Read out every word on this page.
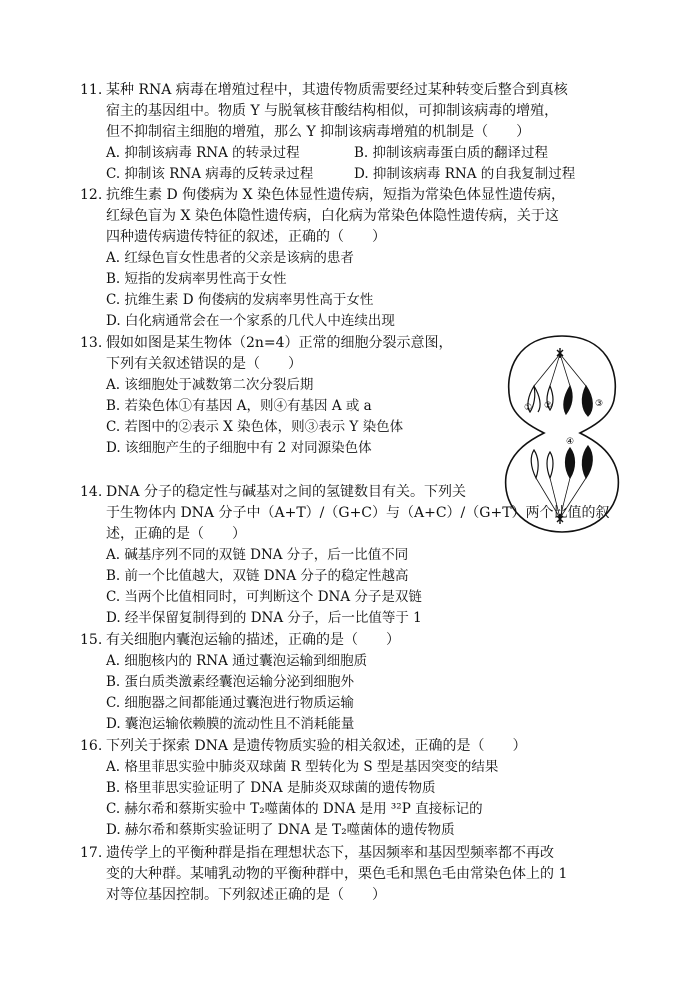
11. 某种 RNA 病毒在增殖过程中，其遗传物质需要经过某种转变后整合到真核
宿主的基因组中。物质 Y 与脱氧核苷酸结构相似，可抑制该病毒的增殖，
但不抑制宿主细胞的增殖，那么 Y 抑制该病毒增殖的机制是（　　）
A. 抑制该病毒 RNA 的转录过程	B. 抑制该病毒蛋白质的翻译过程
C. 抑制该 RNA 病毒的反转录过程	D. 抑制该病毒 RNA 的自我复制过程
12. 抗维生素 D 佝偻病为 X 染色体显性遗传病，短指为常染色体显性遗传病，
红绿色盲为 X 染色体隐性遗传病，白化病为常染色体隐性遗传病，关于这
四种遗传病遗传特征的叙述，正确的（　　）
A. 红绿色盲女性患者的父亲是该病的患者
B. 短指的发病率男性高于女性
C. 抗维生素 D 佝偻病的发病率男性高于女性
D. 白化病通常会在一个家系的几代人中连续出现
13. 假如如图是某生物体（2n=4）正常的细胞分裂示意图，
下列有关叙述错误的是（　　）
A. 该细胞处于减数第二次分裂后期
B. 若染色体①有基因 A，则④有基因 A 或 a
C. 若图中的②表示 X 染色体，则③表示 Y 染色体
D. 该细胞产生的子细胞中有 2 对同源染色体
① ②	③
④
14. DNA 分子的稳定性与碱基对之间的氢键数目有关。下列关
于生物体内 DNA 分子中（A+T）/（G+C）与（A+C）/（G+T）两个比值的叙
述，正确的是（　　）
A. 碱基序列不同的双链 DNA 分子，后一比值不同
B. 前一个比值越大，双链 DNA 分子的稳定性越高
C. 当两个比值相同时，可判断这个 DNA 分子是双链
D. 经半保留复制得到的 DNA 分子，后一比值等于 1
15. 有关细胞内囊泡运输的描述，正确的是（　　）
A. 细胞核内的 RNA 通过囊泡运输到细胞质
B. 蛋白质类激素经囊泡运输分泌到细胞外
C. 细胞器之间都能通过囊泡进行物质运输
D. 囊泡运输依赖膜的流动性且不消耗能量
16. 下列关于探索 DNA 是遗传物质实验的相关叙述，正确的是（　　）
A. 格里菲思实验中肺炎双球菌 R 型转化为 S 型是基因突变的结果
B. 格里菲思实验证明了 DNA 是肺炎双球菌的遗传物质
C. 赫尔希和蔡斯实验中 T₂噬菌体的 DNA 是用 ³²P 直接标记的
D. 赫尔希和蔡斯实验证明了 DNA 是 T₂噬菌体的遗传物质
17. 遗传学上的平衡种群是指在理想状态下，基因频率和基因型频率都不再改
变的大种群。某哺乳动物的平衡种群中，栗色毛和黑色毛由常染色体上的 1
对等位基因控制。下列叙述正确的是（　　）
